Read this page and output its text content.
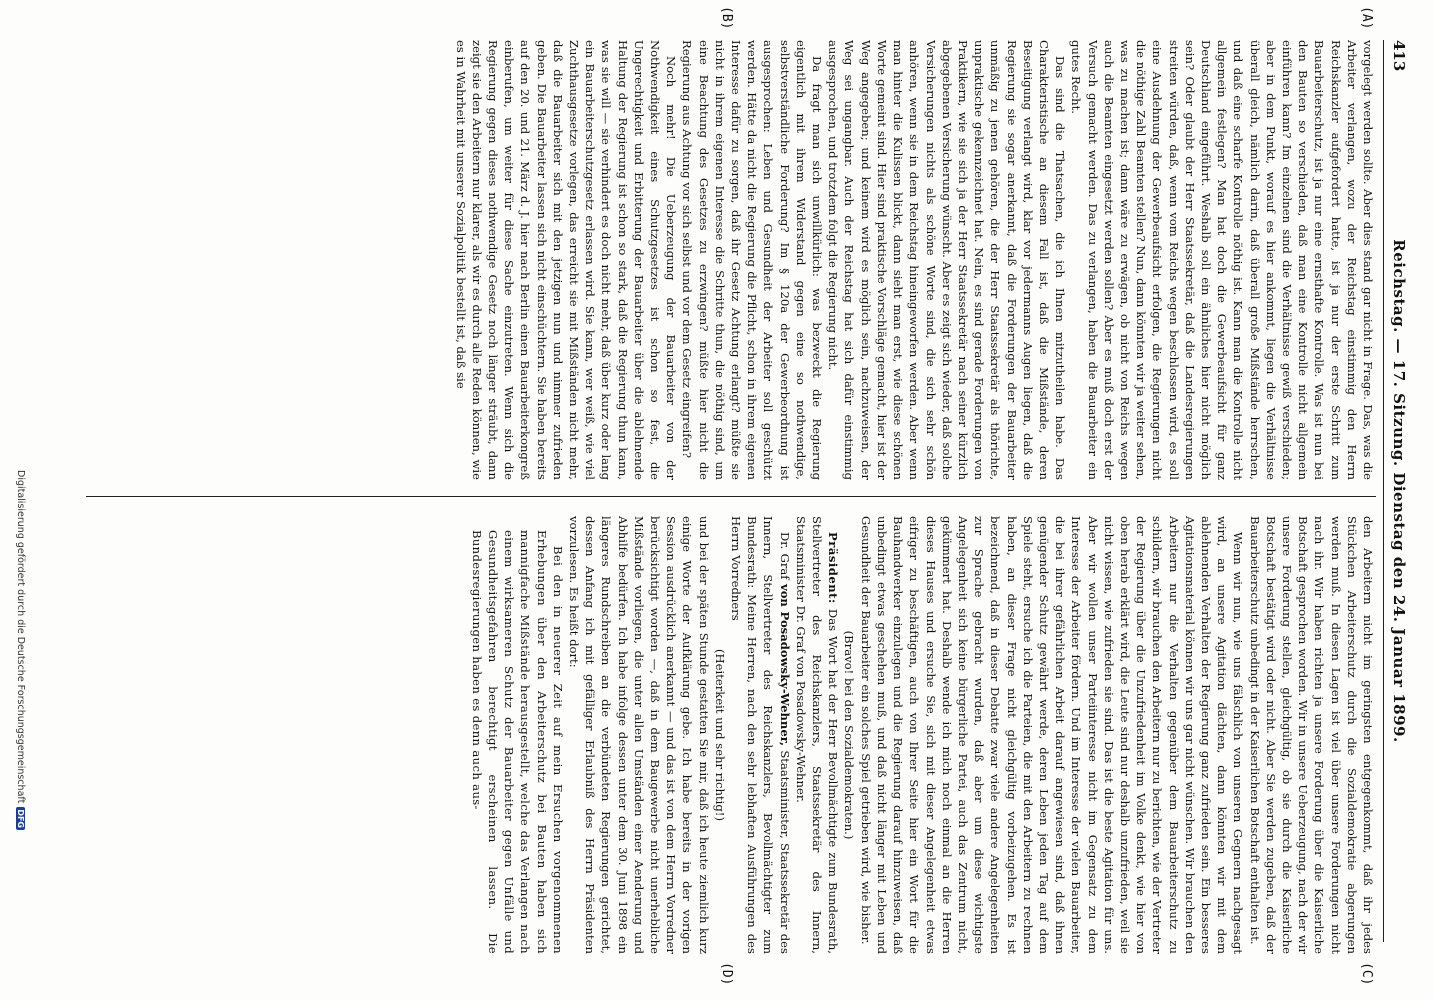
413
Reichstag. — 17. Sitzung. Dienstag den 24. Januar 1899.
(A)
(B)
(C)
(D)

vorgelegt werden sollte. Aber dies stand gar nicht in Frage. Das, was die Arbeiter verlangen, wozu der Reichstag einstimmig den Herrn Reichskanzler aufgefordert hatte, ist ja nur der erste Schritt zum Bauarbeiterschutz, ist ja nur eine ernsthafte Kontrolle. Was ist nun bei den Bauten so verschieden, daß man eine Kontrolle nicht allgemein einführen kann? Im einzelnen sind die Verhältnisse gewiß verschieden; aber in dem Punkt, worauf es hier ankommt, liegen die Verhältnisse überall gleich, nämlich darin, daß überall große Mißstände herrschen, und daß eine scharfe Kontrolle nöthig ist. Kann man die Kontrolle nicht allgemein festlegen? Man hat doch die Gewerbeaufsicht für ganz Deutschland eingeführt. Weshalb soll ein ähnliches hier nicht möglich sein? Oder glaubt der Herr Staatssekretär, daß die Landesregierungen streiten würden, daß, wenn vom Reichs wegen beschlossen wird, es soll eine Ausdehnung der Gewerbeaufsicht erfolgen, die Regierungen nicht die nöthige Zahl Beamten stellen? Nun, dann könnten wir ja weiter sehen, was zu machen ist; dann wäre zu erwägen, ob nicht von Reichs wegen auch die Beamten eingesetzt werden sollen? Aber es muß doch erst der Versuch gemacht werden. Das zu verlangen, haben die Bauarbeiter ein gutes Recht.

Das sind die Thatsachen, die ich Ihnen mitzutheilen habe. Das Charakteristische an diesem Fall ist, daß die Mißstände, deren Beseitigung verlangt wird, klar vor jedermanns Augen liegen, daß die Regierung sie sogar anerkannt, daß die Forderungen der Bauarbeiter unmäßig zu jenen gehören, die der Herr Staatssekretär als thörichte, unpraktische gekennzeichnet hat. Nein, es sind gerade Forderungen von Praktikern, wie sie sich ja der Herr Staatssekretär nach seiner kürzlich abgegebenen Versicherung wünscht. Aber es zeigt sich wieder, daß solche Versicherungen nichts als schöne Worte sind, die sich sehr schön anhören, wenn sie in dem Reichstag hineingeworfen werden. Aber wenn man hinter die Kulissen blickt, dann sieht man erst, wie diese schönen Worte gemeint sind. Hier sind praktische Vorschläge gemacht, hier ist der Weg angegeben; und keinem wird es möglich sein, nachzuweisen, der Weg sei ungangbar. Auch der Reichstag hat sich dafür einstimmig ausgesprochen, und trotzdem folgt die Regierung nicht.

Da fragt man sich unwillkürlich: was bezweckt die Regierung eigentlich mit ihrem Widerstand gegen eine so nothwendige, selbstverständliche Forderung? Im § 120a der Gewerbeordnung ist ausgesprochen: Leben und Gesundheit der Arbeiter soll geschützt werden. Hätte da nicht die Regierung die Pflicht, schon in ihrem eigenen Interesse dafür zu sorgen, daß ihr Gesetz Achtung erlangt? müßte sie nicht in ihrem eigenen Interesse die Schritte thun, die nöthig sind, um eine Beachtung des Gesetzes zu erzwingen? müßte hier nicht die Regierung aus Achtung vor sich selbst und vor dem Gesetz eingreifen?

Noch mehr! Die Ueberzeugung der Bauarbeiter von der Nothwendigkeit eines Schutzgesetzes ist schon so fest, die Ungerechtigkeit und Erbitterung der Bauarbeiter über die ablehnende Haltung der Regierung ist schon so stark, daß die Regierung thun kann, was sie will — sie verhindert es doch nicht mehr, daß über kurz oder lang ein Bauarbeiterschutzgesetz erlassen wird. Sie kann, wer weiß, wie viel Zuchthausgesetze vorlegen, das erreicht sie mit Mißständen nicht mehr, daß die Bauarbeiter sich mit den jetzigen nun und nimmer zufrieden geben. Die Bauarbeiter lassen sich nicht einschüchtern. Sie haben bereits auf den 20. und 21. März d. J. hier nach Berlin einen Bauarbeiterkongreß einberufen, um weiter für diese Sache einzutreten. Wenn sich die Regierung gegen dieses nothwendige Gesetz noch länger sträubt, dann zeigt sie den Arbeitern nur klarer, als wir es durch alle Reden können, wie es in Wahrheit mit unserer Sozialpolitik bestellt ist, daß sie

den Arbeitern nicht im geringsten entgegenkommt, daß ihr jedes Stückchen Arbeiterschutz durch die Sozialdemokratie abgerungen werden muß. In diesen Lagen ist viel über unsere Forderungen nicht nach ihr. Wir haben richten ja unsere Forderung über die Kaiserliche Botschaft gesprochen worden. Wir in unsere Ueberzeugung, nach der wir unsere Forderung stellen, gleichgültig, ob sie durch die Kaiserliche Botschaft bestätigt wird oder nicht. Aber Sie werden zugeben, daß der Bauarbeiterschutz unbedingt in der Kaiserlichen Botschaft enthalten ist.

Wenn wir nun, wie uns fälschlich von unseren Gegnern nachgesagt wird, an unsere Agitation dächten, dann könnten wir mit dem ablehnenden Verhalten der Regierung ganz zufrieden sein. Ein besseres Agitationsmaterial können wir uns gar nicht wünschen. Wir brauchen den Arbeitern nur die Verhalten gegenüber dem Bauarbeiterschutz zu schildern, wir brauchen den Arbeitern nur zu berichten, wie der Vertreter der Regierung über die Unzufriedenheit im Volke denkt, wie hier von oben herab erklärt wird, die Leute sind nur deshalb unzufrieden, weil sie nicht wissen, wie zufrieden sie sind. Das ist die beste Agitation für uns. Aber wir wollen unser Parteiinteresse nicht im Gegensatz zu dem Interesse der Arbeiter fördern. Und im Interesse der vielen Bauarbeiter, die bei ihrer gefährlichen Arbeit darauf angewiesen sind, daß ihnen genügender Schutz gewährt werde, deren Leben jeden Tag auf dem Spiele steht, ersuche ich die Parteien, die mit den Arbeitern zu rechnen haben, an dieser Frage nicht gleichgültig vorbeizugehen. Es ist bezeichnend, daß in dieser Debatte zwar viele andere Angelegenheiten zur Sprache gebracht wurden, daß aber um diese wichtigste Angelegenheit sich keine bürgerliche Partei, auch das Zentrum nicht, gekümmert hat. Deshalb wende ich mich noch einmal an die Herren dieses Hauses und ersuche Sie, sich mit dieser Angelegenheit etwas eifriger zu beschäftigen, auch von Ihrer Seite hier ein Wort für die Bauhandwerker einzulegen und die Regierung darauf hinzuweisen, daß unbedingt etwas geschehen muß, und daß nicht länger mit Leben und Gesundheit der Bauarbeiter ein solches Spiel getrieben wird, wie bisher.

(Bravo! bei den Sozialdemokraten.)

Präsident: Das Wort hat der Herr Bevollmächtigte zum Bundesrath, Stellvertreter des Reichskanzlers, Staatssekretär des Innern, Staatsminister Dr. Graf von Posadowsky-Wehner.

Dr. Graf von Posadowsky-Wehner, Staatsminister, Staatssekretär des Innern, Stellvertreter des Reichskanzlers, Bevollmächtigter zum Bundesrath: Meine Herren, nach den sehr lebhaften Ausführungen des Herrn Vorredners

(Heiterkeit und sehr richtig!)

und bei der späten Stunde gestatten Sie mir, daß ich heute ziemlich kurz einige Worte der Aufklärung gebe. Ich habe bereits in der vorigen Session ausdrücklich anerkannt — und das ist von dem Herrn Vorredner berücksichtigt worden —, daß in dem Baugewerbe nicht unerhebliche Mißstände vorliegen, die unter allen Umständen einer Aenderung und Abhilfe bedürfen. Ich habe infolge dessen unter dem 30. Juni 1898 ein längeres Rundschreiben an die verbündeten Regierungen gerichtet, dessen Anfang ich mit gefälliger Erlaubniß des Herrn Präsidenten vorzulesen. Es heißt dort:

Bei den in neuerer Zeit auf mein Ersuchen vorgenommenen Erhebungen über den Arbeiterschutz bei Bauten haben sich mannigfache Mißstände herausgestellt, welche das Verlangen nach einem wirksameren Schutz der Bauarbeiter gegen Unfälle und Gesundheitsgefahren berechtigt erscheinen lassen. Die Bundesregierungen haben es denn auch aus-

Digitalisierung gefördert durch die Deutsche ForschungsgemeinschaftDFG
